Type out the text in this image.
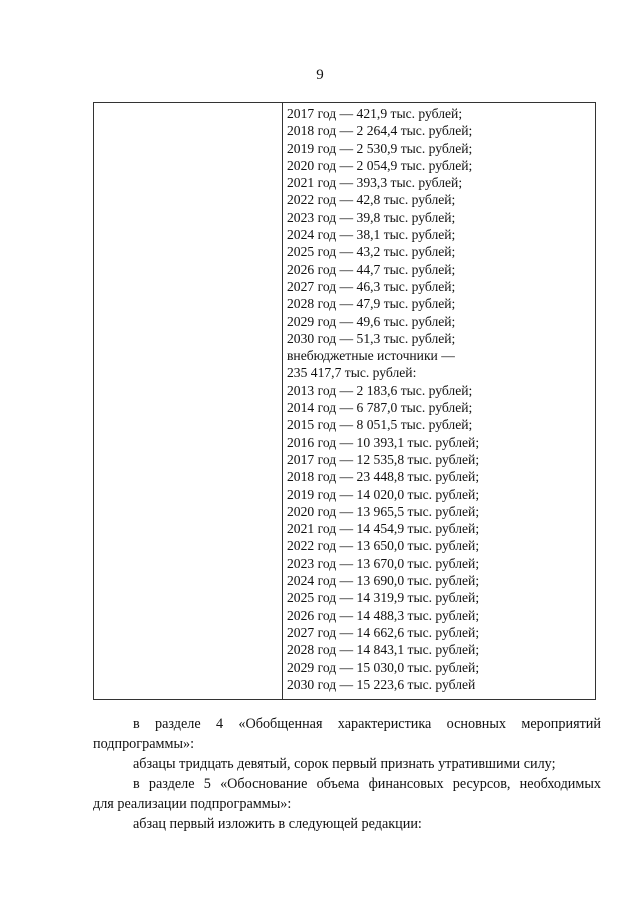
9
2017 год — 421,9 тыс. рублей;
2018 год — 2 264,4 тыс. рублей;
2019 год — 2 530,9 тыс. рублей;
2020 год — 2 054,9 тыс. рублей;
2021 год — 393,3 тыс. рублей;
2022 год — 42,8 тыс. рублей;
2023 год — 39,8 тыс. рублей;
2024 год — 38,1 тыс. рублей;
2025 год — 43,2 тыс. рублей;
2026 год — 44,7 тыс. рублей;
2027 год — 46,3 тыс. рублей;
2028 год — 47,9 тыс. рублей;
2029 год — 49,6 тыс. рублей;
2030 год — 51,3 тыс. рублей;
внебюджетные источники —
235 417,7 тыс. рублей:
2013 год — 2 183,6 тыс. рублей;
2014 год — 6 787,0 тыс. рублей;
2015 год — 8 051,5 тыс. рублей;
2016 год — 10 393,1 тыс. рублей;
2017 год — 12 535,8 тыс. рублей;
2018 год — 23 448,8 тыс. рублей;
2019 год — 14 020,0 тыс. рублей;
2020 год — 13 965,5 тыс. рублей;
2021 год — 14 454,9 тыс. рублей;
2022 год — 13 650,0 тыс. рублей;
2023 год — 13 670,0 тыс. рублей;
2024 год — 13 690,0 тыс. рублей;
2025 год — 14 319,9 тыс. рублей;
2026 год — 14 488,3 тыс. рублей;
2027 год — 14 662,6 тыс. рублей;
2028 год — 14 843,1 тыс. рублей;
2029 год — 15 030,0 тыс. рублей;
2030 год — 15 223,6 тыс. рублей

в разделе 4 «Обобщенная характеристика основных мероприятий

подпрограммы»:

абзацы тридцать девятый, сорок первый признать утратившими силу;

в разделе 5 «Обоснование объема финансовых ресурсов, необходимых

для реализации подпрограммы»:

абзац первый изложить в следующей редакции:
